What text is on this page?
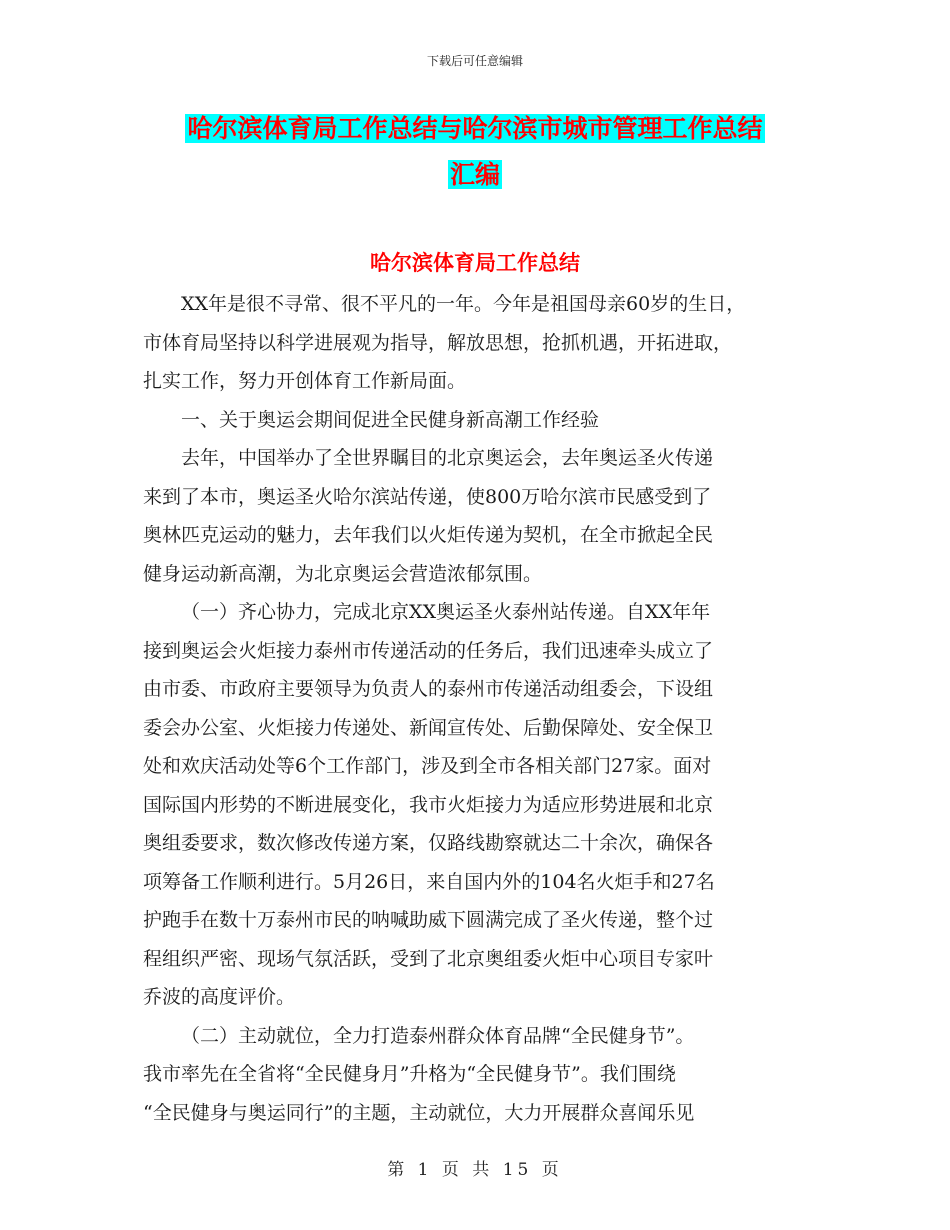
下载后可任意编辑
哈尔滨体育局工作总结与哈尔滨市城市管理工作总结
汇编
哈尔滨体育局工作总结
XX年是很不寻常、很不平凡的一年。今年是祖国母亲60岁的生日，
市体育局坚持以科学进展观为指导，解放思想，抢抓机遇，开拓进取，
扎实工作，努力开创体育工作新局面。
一、关于奥运会期间促进全民健身新高潮工作经验
去年，中国举办了全世界瞩目的北京奥运会，去年奥运圣火传递
来到了本市，奥运圣火哈尔滨站传递，使800万哈尔滨市民感受到了
奥林匹克运动的魅力，去年我们以火炬传递为契机，在全市掀起全民
健身运动新高潮，为北京奥运会营造浓郁氛围。
（一）齐心协力，完成北京XX奥运圣火泰州站传递。自XX年年
接到奥运会火炬接力泰州市传递活动的任务后，我们迅速牵头成立了
由市委、市政府主要领导为负责人的泰州市传递活动组委会，下设组
委会办公室、火炬接力传递处、新闻宣传处、后勤保障处、安全保卫
处和欢庆活动处等6个工作部门，涉及到全市各相关部门27家。面对
国际国内形势的不断进展变化，我市火炬接力为适应形势进展和北京
奥组委要求，数次修改传递方案，仅路线勘察就达二十余次，确保各
项筹备工作顺利进行。5月26日，来自国内外的104名火炬手和27名
护跑手在数十万泰州市民的呐喊助威下圆满完成了圣火传递，整个过
程组织严密、现场气氛活跃，受到了北京奥组委火炬中心项目专家叶
乔波的高度评价。
（二）主动就位，全力打造泰州群众体育品牌“全民健身节”。
我市率先在全省将“全民健身月”升格为“全民健身节”。我们围绕
“全民健身与奥运同行”的主题，主动就位，大力开展群众喜闻乐见
第 1 页 共 15 页
